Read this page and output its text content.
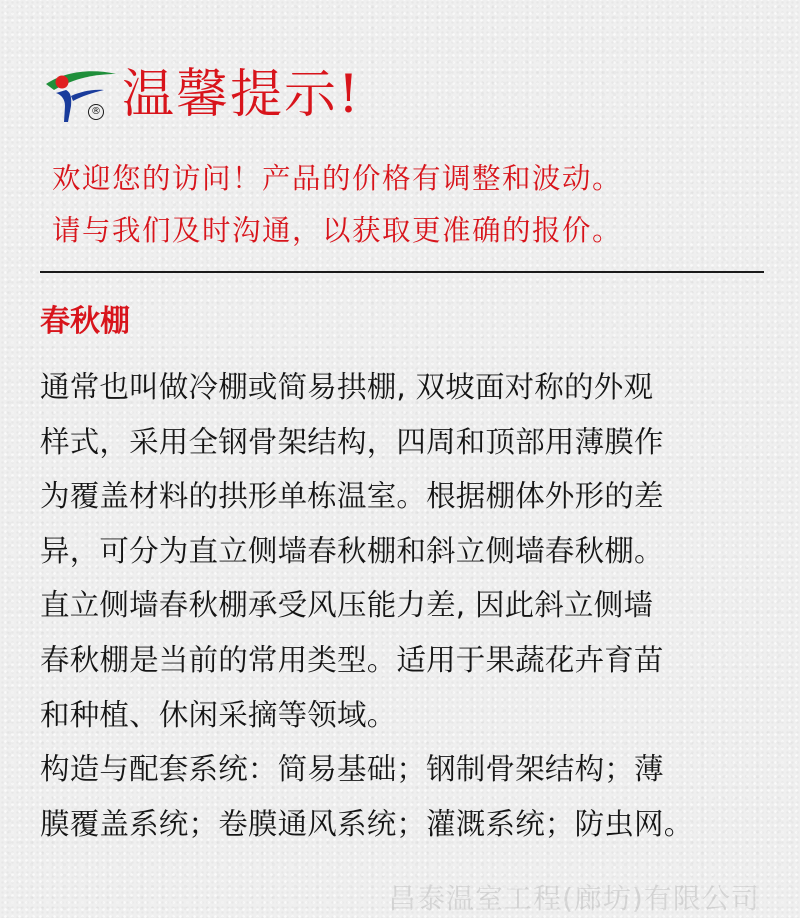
® 温馨提示!
欢迎您的访问！产品的价格有调整和波动。
请与我们及时沟通，以获取更准确的报价。
春秋棚
通常也叫做冷棚或简易拱棚, 双坡面对称的外观
样式，采用全钢骨架结构，四周和顶部用薄膜作
为覆盖材料的拱形单栋温室。根据棚体外形的差
异，可分为直立侧墙春秋棚和斜立侧墙春秋棚。
直立侧墙春秋棚承受风压能力差, 因此斜立侧墙
春秋棚是当前的常用类型。适用于果蔬花卉育苗
和种植、休闲采摘等领域。
构造与配套系统：简易基础；钢制骨架结构；薄
膜覆盖系统；卷膜通风系统；灌溉系统；防虫网。
昌泰温室工程(廊坊)有限公司
